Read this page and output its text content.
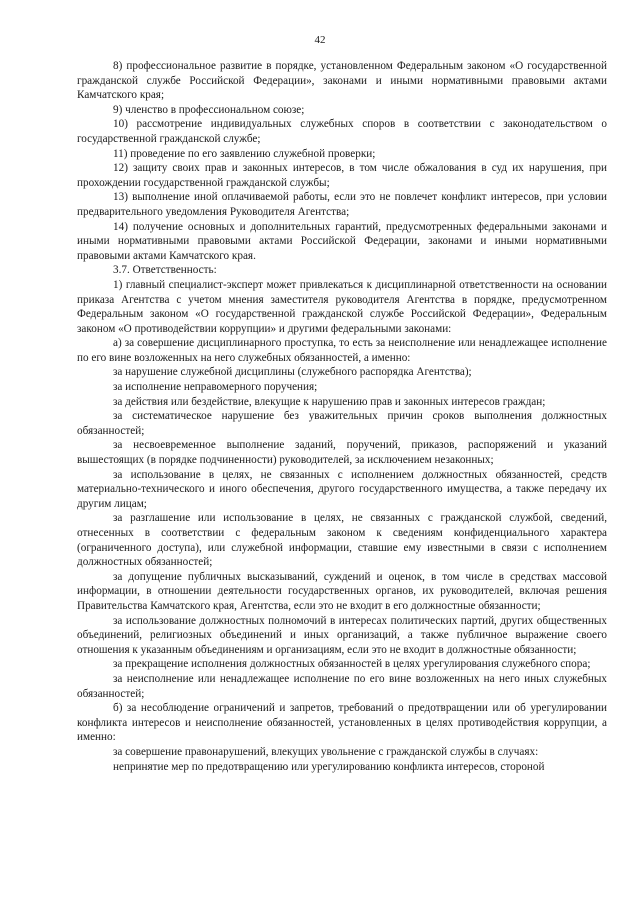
42

8) профессиональное развитие в порядке, установленном Федеральным законом «О государственной гражданской службе Российской Федерации», законами и иными нормативными правовыми актами Камчатского края;

9) членство в профессиональном союзе;

10) рассмотрение индивидуальных служебных споров в соответствии с законодательством о государственной гражданской службе;

11) проведение по его заявлению служебной проверки;

12) защиту своих прав и законных интересов, в том числе обжалования в суд их нарушения, при прохождении государственной гражданской службы;

13) выполнение иной оплачиваемой работы, если это не повлечет конфликт интересов, при условии предварительного уведомления Руководителя Агентства;

14) получение основных и дополнительных гарантий, предусмотренных федеральными законами и иными нормативными правовыми актами Российской Федерации, законами и иными нормативными правовыми актами Камчатского края.

3.7. Ответственность:

1) главный специалист-эксперт может привлекаться к дисциплинарной ответственности на основании приказа Агентства с учетом мнения заместителя руководителя Агентства в порядке, предусмотренном Федеральным законом «О государственной гражданской службе Российской Федерации», Федеральным законом «О противодействии коррупции» и другими федеральными законами:

а) за совершение дисциплинарного проступка, то есть за неисполнение или ненадлежащее исполнение по его вине возложенных на него служебных обязанностей, а именно:

за нарушение служебной дисциплины (служебного распорядка Агентства);

за исполнение неправомерного поручения;

за действия или бездействие, влекущие к нарушению прав и законных интересов граждан;

за систематическое нарушение без уважительных причин сроков выполнения должностных обязанностей;

за несвоевременное выполнение заданий, поручений, приказов, распоряжений и указаний вышестоящих (в порядке подчиненности) руководителей, за исключением незаконных;

за использование в целях, не связанных с исполнением должностных обязанностей, средств материально-технического и иного обеспечения, другого государственного имущества, а также передачу их другим лицам;

за разглашение или использование в целях, не связанных с гражданской службой, сведений, отнесенных в соответствии с федеральным законом к сведениям конфиденциального характера (ограниченного доступа), или служебной информации, ставшие ему известными в связи с исполнением должностных обязанностей;

за допущение публичных высказываний, суждений и оценок, в том числе в средствах массовой информации, в отношении деятельности государственных органов, их руководителей, включая решения Правительства Камчатского края, Агентства, если это не входит в его должностные обязанности;

за использование должностных полномочий в интересах политических партий, других общественных объединений, религиозных объединений и иных организаций, а также публичное выражение своего отношения к указанным объединениям и организациям, если это не входит в должностные обязанности;

за прекращение исполнения должностных обязанностей в целях урегулирования служебного спора;

за неисполнение или ненадлежащее исполнение по его вине возложенных на него иных служебных обязанностей;

б) за несоблюдение ограничений и запретов, требований о предотвращении или об урегулировании конфликта интересов и неисполнение обязанностей, установленных в целях противодействия коррупции, а именно:

за совершение правонарушений, влекущих увольнение с гражданской службы в случаях:

непринятие мер по предотвращению или урегулированию конфликта интересов, стороной
